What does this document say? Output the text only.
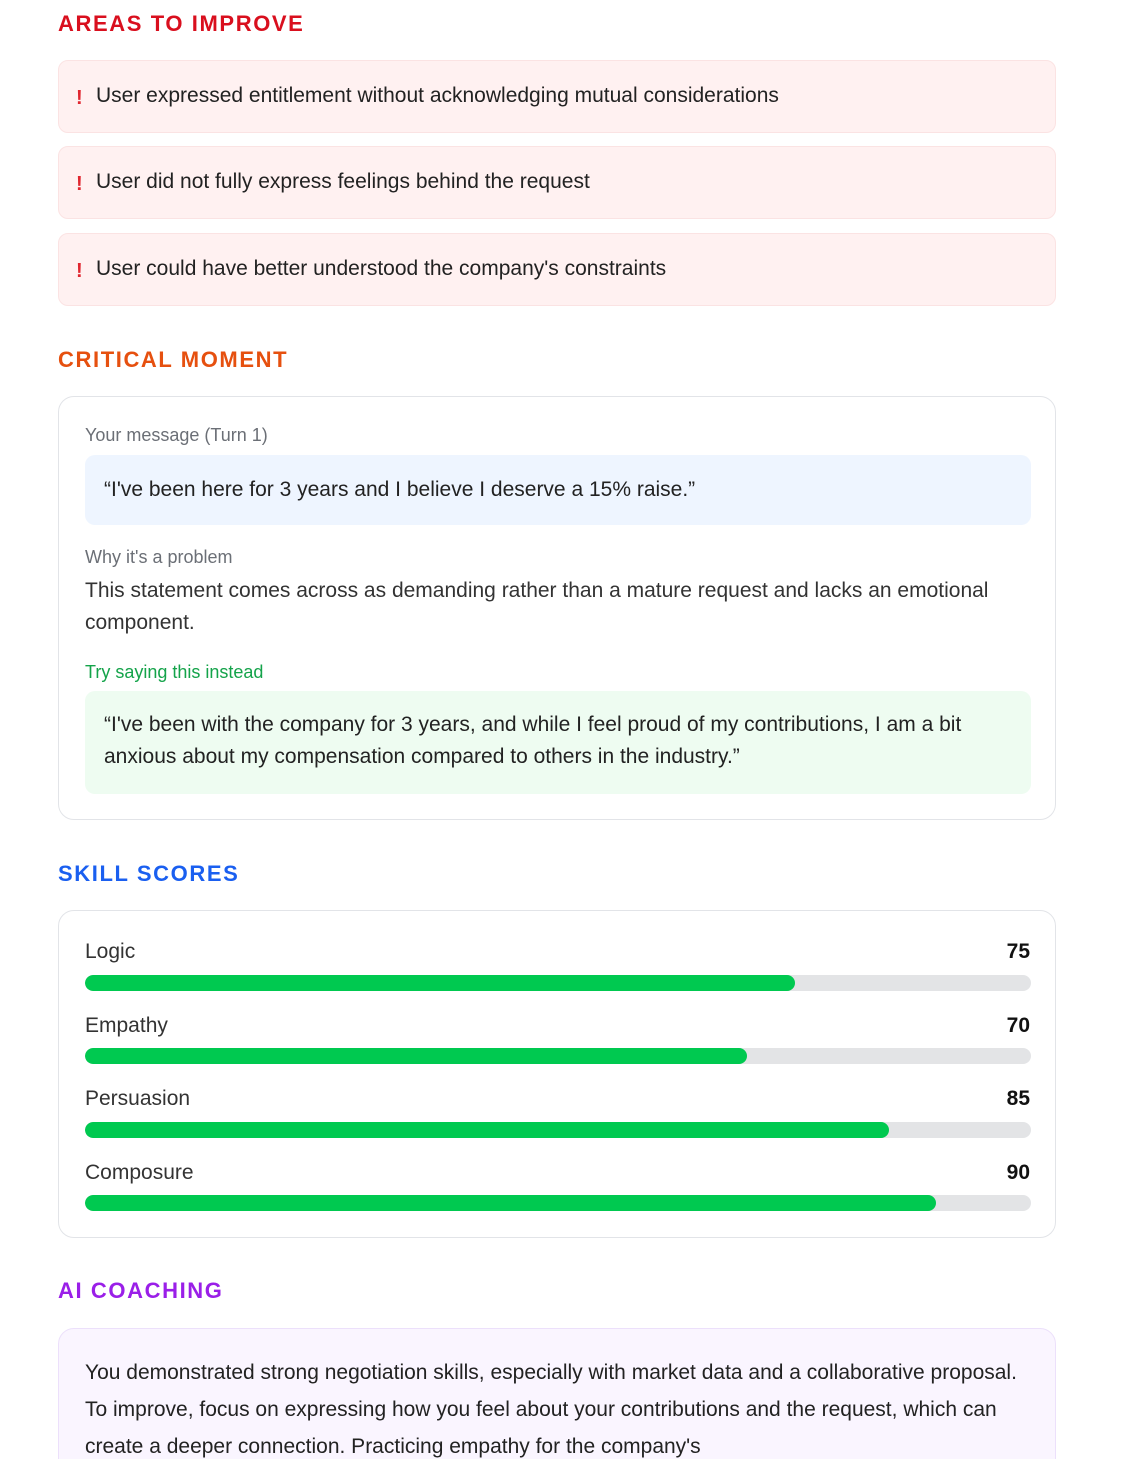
AREAS TO IMPROVE
! User expressed entitlement without acknowledging mutual considerations
! User did not fully express feelings behind the request
! User could have better understood the company's constraints
CRITICAL MOMENT
Your message (Turn 1)
“I've been here for 3 years and I believe I deserve a 15% raise.”
Why it's a problem
This statement comes across as demanding rather than a mature request and lacks an emotional component.
Try saying this instead
“I've been with the company for 3 years, and while I feel proud of my contributions, I am a bit anxious about my compensation compared to others in the industry.”
SKILL SCORES
Logic	75
Empathy	70
Persuasion	85
Composure	90
AI COACHING
You demonstrated strong negotiation skills, especially with market data and a collaborative proposal. To improve, focus on expressing how you feel about your contributions and the request, which can create a deeper connection. Practicing empathy for the company's
